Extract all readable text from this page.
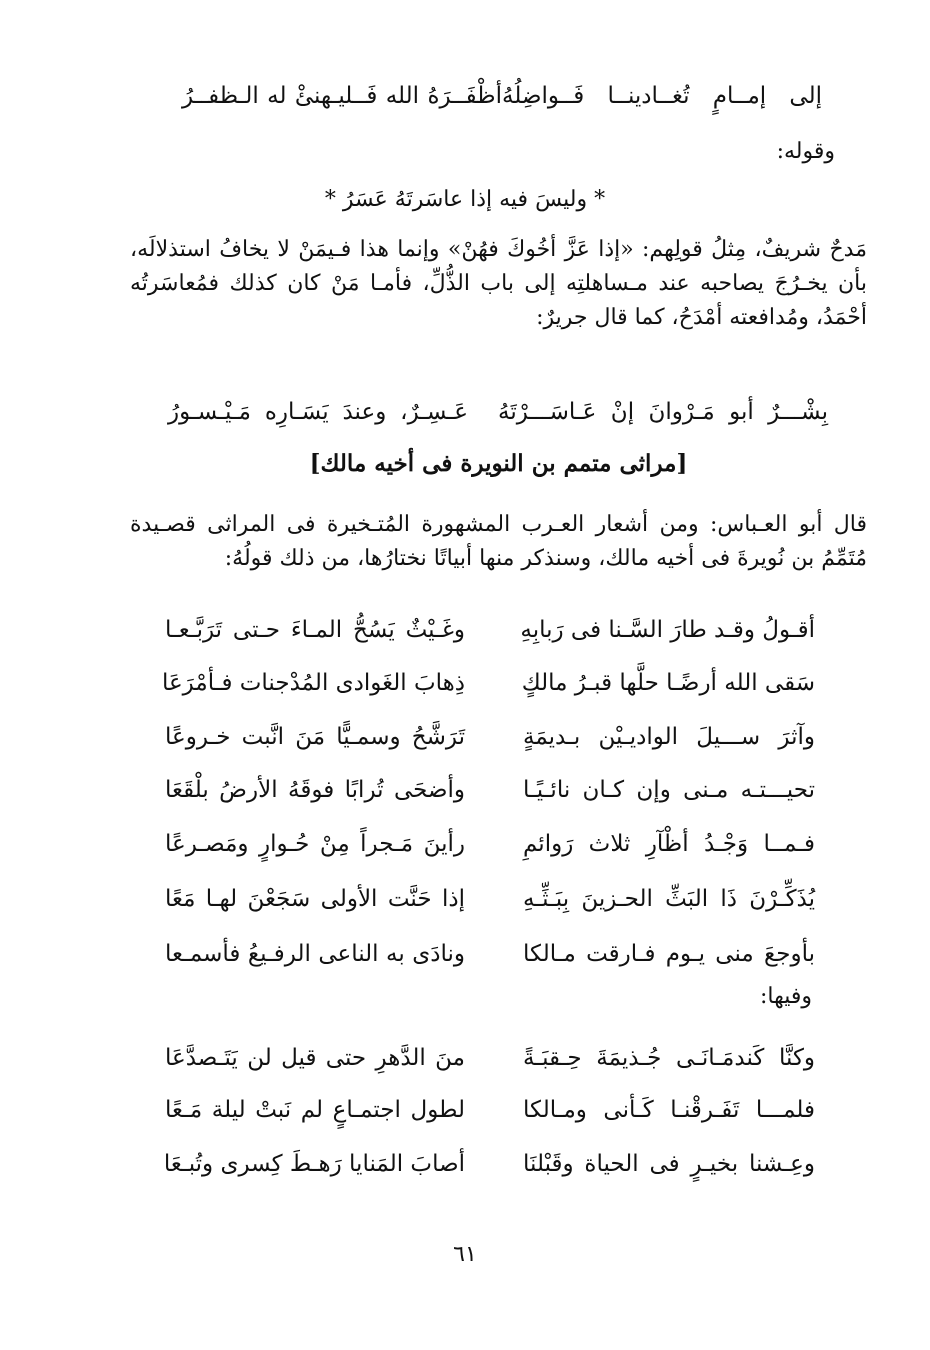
إلى إمــامٍ تُغــادينــا فَــواضِلُهُ
أظْفَــرَهُ الله فَــليـهنئْ له الـظفــرُ
وقوله:
* وليسَ فيه إذا عاسَرتَهُ عَسَرُ *
مَدحٌ شريفٌ، مِثلُ قولِهم: «إذا عَزَّ أخُوكَ فهُنْ» وإنما هذا فـيمَنْ لا يخافُ استذلالَه، بأن يخـرُجَ يصاحبه عند مـساهلتِه إلى باب الذُّلِّ، فأمـا مَنْ كان كذلك فمُعاسَرتُه أحْمَدُ، ومُدافعته أمْدَحُ، كما قال جريرٌ:
بِشْـــرٌ أبو مَـرْوانَ إنْ عَـاسَـــرْتَهُ
عَـسِـرٌ، وعندَ يَسَـارِه مَـيْـسـورُ
[مراثى متمم بن النويرة فى أخيه مالك]
قال أبو العـباس: ومن أشعار العـرب المشهورة المُتـخيرة فى المراثى قصـيدة مُتَمِّمُ بن نُويرةَ فى أخيه مالك، وسنذكر منها أبياتًا نختارُها، من ذلك قولُهُ:
أقـولُ وقـد طارَ السَّـنا فى رَبابِهِ
وغَـيْثٌ يَسُحُّ المـاءَ حـتى تَرَبَّـعـا
سَقى الله أرضًـا حلَّها قبـرُ مالكٍ
ذِهابَ الغَوادى المُدْجنات فـأمْرَعَا
وآثرَ ســـيلَ الواديـيْن بـديمَةٍ
تَرَشَّحُ وسمـيًّا مَنَ انَّبت خـروعًا
تحيـــتـه مـنى وإن كـان نائـيًـا
وأضحَى تُرابًا فوقَهُ الأرضُ بلْقَعَا
فـمــا وَجْـدُ أظْآرِ ثلاث رَوائمِ
رأينَ مَـجراً مِنْ حُـوارٍ ومَصـرعًا
يُذَكِّـرْنَ ذَا البَثِّ الحـزينَ بِبَـثِّـهِ
إذا حَنَّت الأولى سَجَعْنَ لهـا مَعًا
بأوجعَ منى يـوم فـارقت مـالكا
ونادَى به الناعى الرفـيعُ فأسمـعا
وفيها:
وكنَّا كَندمَـانَـى جُـذيمَةَ حِـقبَـةً
منَ الدَّهرِ حتى قيل لن يَتَـصدَّعَا
فلمـــا تَفَـرقْنـا كَـأنى ومـالكا
لطول اجتمـاعٍ لم نَبتْ ليلة مَـعًا
وعِـشنا بخيـرٍ فى الحياة وقَبْلنَا
أصابَ المَنايا رَهـطَ كِسرى وتُبـعَا
٦١
